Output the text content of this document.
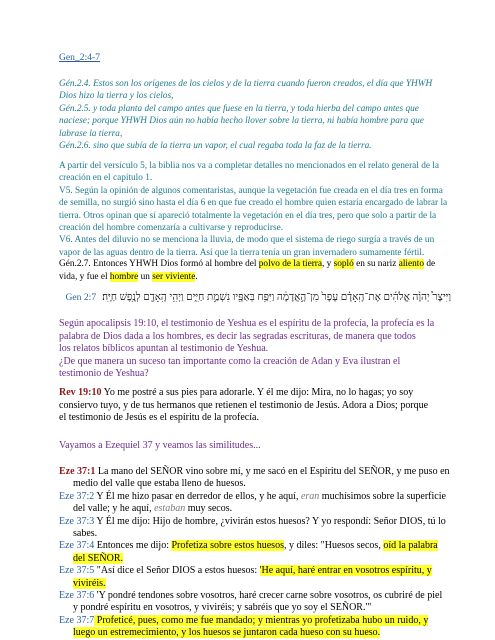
Gen_2:4-7

Gén.2.4. Estos son los orígenes de los cielos y de la tierra cuando fueron creados, el día que YHWH

Dios hizo la tierra y los cielos,

Gén.2.5. y toda planta del campo antes que fuese en la tierra, y toda hierba del campo antes que

naciese; porque YHWH Dios aún no había hecho llover sobre la tierra, ni había hombre para que

labrase la tierra,

Gén.2.6. sino que subía de la tierra un vapor, el cual regaba toda la faz de la tierra.

A partir del versículo 5, la biblia nos va a completar detalles no mencionados en el relato general de la

creación en el capítulo 1.

V5. Según la opinión de algunos comentaristas, aunque la vegetación fue creada en el día tres en forma

de semilla, no surgió sino hasta el día 6 en que fue creado el hombre quien estaría encargado de labrar la

tierra. Otros opinan que sí apareció totalmente la vegetación en el día tres, pero que solo a partir de la

creación del hombre comenzaría a cultivarse y reproducirse.

V6. Antes del diluvio no se menciona la lluvia, de modo que el sistema de riego surgía a través de un

vapor de las aguas dentro de la tierra. Así que la tierra tenía un gran invernadero sumamente fértil.

Gén.2.7. Entonces YHWH Dios formó al hombre del polvo de la tierra, y sopló en su nariz aliento de

vida, y fue el hombre un ser viviente.

Gen 2:7 וַיִּיצֶר֩ יְהוָ֨ה אֱלֹהִ֜ים אֶת־הָֽאָדָ֗ם עָפָר֙ מִן־הָ֣אֲדָמָ֔ה וַיִּפַּ֥ח בְּאַפָּ֖יו נִשְׁמַ֣ת חַיִּ֑ים וַיְהִ֥י הָֽאָדָ֖ם לְנֶ֥פֶשׁ חַיָּֽה׃

Según apocalipsis 19:10, el testimonio de Yeshua es el espíritu de la profecía, la profecía es la

palabra de Dios dada a los hombres, es decir las segradas escrituras, de manera que todos

los relatos bíblicos apuntan al testimonio de Yeshua.

¿De que manera un suceso tan importante como la creación de Adan y Eva ilustran el

testimonio de Yeshua?

Rev 19:10 Yo me postré a sus pies para adorarle. Y él me dijo: Mira, no lo hagas; yo soy

consiervo tuyo, y de tus hermanos que retienen el testimonio de Jesús. Adora a Dios; porque

el testimonio de Jesús es el espíritu de la profecía.

Vayamos a Ezequiel 37 y veamos las similitudes...

Eze 37:1 La mano del SEÑOR vino sobre mí, y me sacó en el Espíritu del SEÑOR, y me puso en

medio del valle que estaba lleno de huesos.

Eze 37:2 Y Él me hizo pasar en derredor de ellos, y he aquí, eran muchísimos sobre la superficie

del valle; y he aquí, estaban muy secos.

Eze 37:3 Y Él me dijo: Hijo de hombre, ¿vivirán estos huesos? Y yo respondí: Señor DIOS, tú lo

sabes.

Eze 37:4 Entonces me dijo: Profetiza sobre estos huesos, y diles: "Huesos secos, oíd la palabra

del SEÑOR.

Eze 37:5 "Así dice el Señor DIOS a estos huesos: 'He aquí, haré entrar en vosotros espíritu, y

viviréis.

Eze 37:6 'Y pondré tendones sobre vosotros, haré crecer carne sobre vosotros, os cubriré de piel

y pondré espíritu en vosotros, y viviréis; y sabréis que yo soy el SEÑOR.'"

Eze 37:7 Profeticé, pues, como me fue mandado; y mientras yo profetizaba hubo un ruido, y

luego un estremecimiento, y los huesos se juntaron cada hueso con su hueso.
